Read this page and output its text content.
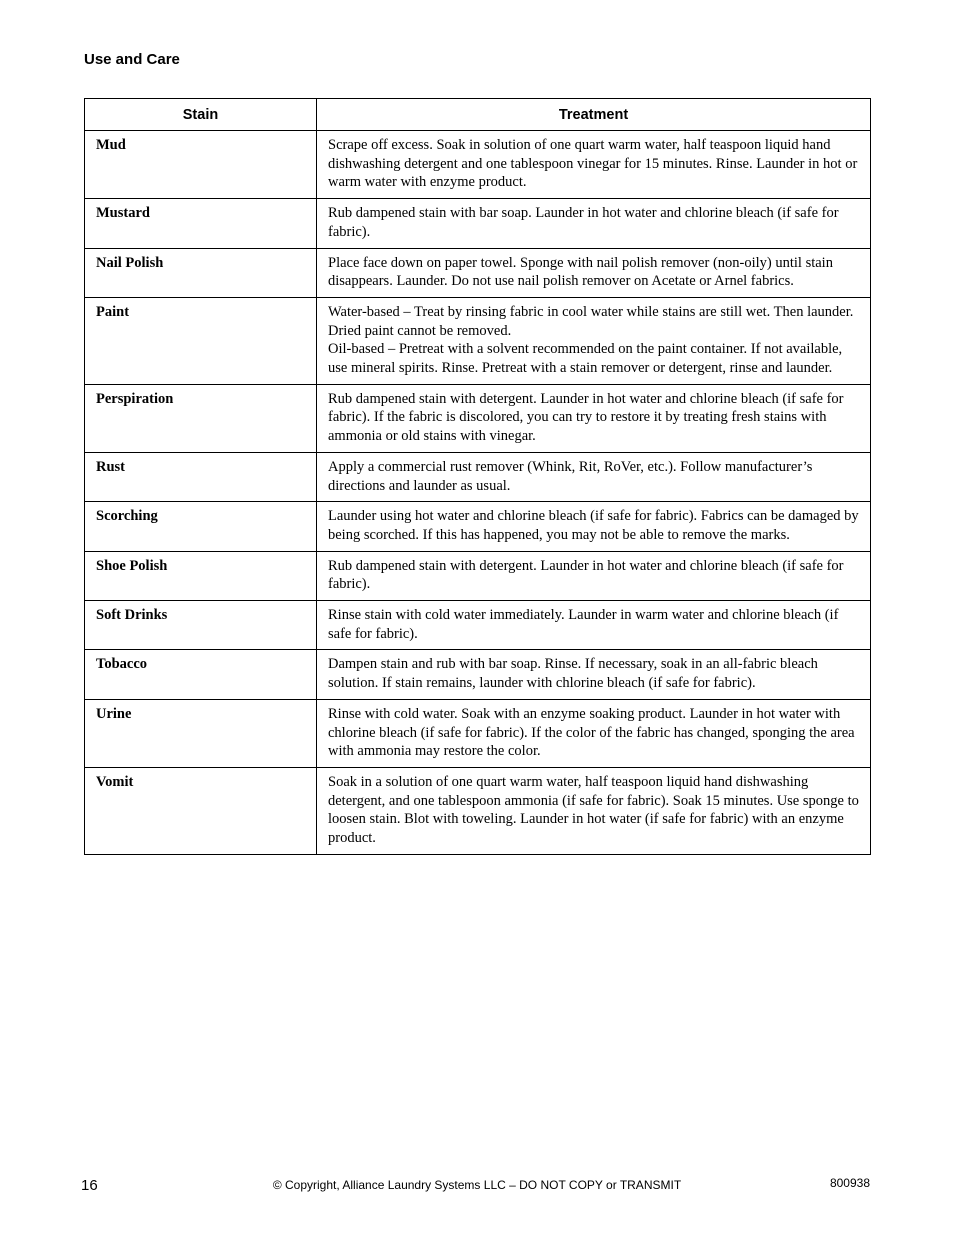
Use and Care
Stain	Treatment
Mud	Scrape off excess. Soak in solution of one quart warm water, half teaspoon liquid hand dishwashing detergent and one tablespoon vinegar for 15 minutes. Rinse. Launder in hot or warm water with enzyme product.

Mustard	Rub dampened stain with bar soap. Launder in hot water and chlorine bleach (if safe for fabric).

Nail Polish	Place face down on paper towel. Sponge with nail polish remover (non-oily) until stain disappears. Launder. Do not use nail polish remover on Acetate or Arnel fabrics.

Paint	Water-based – Treat by rinsing fabric in cool water while stains are still wet. Then launder. Dried paint cannot be removed.
Oil-based – Pretreat with a solvent recommended on the paint container. If not available, use mineral spirits. Rinse. Pretreat with a stain remover or detergent, rinse and launder.

Perspiration	Rub dampened stain with detergent. Launder in hot water and chlorine bleach (if safe for fabric). If the fabric is discolored, you can try to restore it by treating fresh stains with ammonia or old stains with vinegar.

Rust	Apply a commercial rust remover (Whink, Rit, RoVer, etc.). Follow manufacturer’s directions and launder as usual.

Scorching	Launder using hot water and chlorine bleach (if safe for fabric). Fabrics can be damaged by being scorched. If this has happened, you may not be able to remove the marks.

Shoe Polish	Rub dampened stain with detergent. Launder in hot water and chlorine bleach (if safe for fabric).

Soft Drinks	Rinse stain with cold water immediately. Launder in warm water and chlorine bleach (if safe for fabric).

Tobacco	Dampen stain and rub with bar soap. Rinse. If necessary, soak in an all-fabric bleach solution. If stain remains, launder with chlorine bleach (if safe for fabric).

Urine	Rinse with cold water. Soak with an enzyme soaking product. Launder in hot water with chlorine bleach (if safe for fabric). If the color of the fabric has changed, sponging the area with ammonia may restore the color.

Vomit	Soak in a solution of one quart warm water, half teaspoon liquid hand dishwashing detergent, and one tablespoon ammonia (if safe for fabric). Soak 15 minutes. Use sponge to loosen stain. Blot with toweling. Launder in hot water (if safe for fabric) with an enzyme product.
16	© Copyright, Alliance Laundry Systems LLC – DO NOT COPY or TRANSMIT	800938
